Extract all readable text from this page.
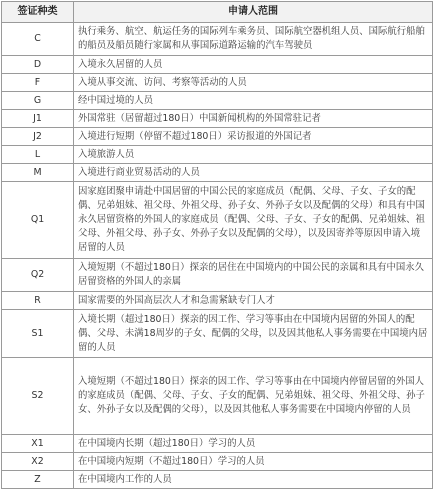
签证种类	申请人范围
C	执行乘务、航空、航运任务的国际列车乘务员、国际航空器机组人员、国际航行船舶的船员及船员随行家属和从事国际道路运输的汽车驾驶员
D	入境永久居留的人员
F	入境从事交流、访问、考察等活动的人员
G	经中国过境的人员
J1	外国常驻（居留超过180日）中国新闻机构的外国常驻记者
J2	入境进行短期（停留不超过180日）采访报道的外国记者
L	入境旅游人员
M	入境进行商业贸易活动的人员
Q1	因家庭团聚申请赴中国居留的中国公民的家庭成员（配偶、父母、子女、子女的配偶、兄弟姐妹、祖父母、外祖父母、孙子女、外孙子女以及配偶的父母）和具有中国永久居留资格的外国人的家庭成员（配偶、父母、子女、子女的配偶、兄弟姐妹、祖父母、外祖父母、孙子女、外孙子女以及配偶的父母），以及因寄养等原因申请入境居留的人员
Q2	入境短期（不超过180日）探亲的居住在中国境内的中国公民的亲属和具有中国永久居留资格的外国人的亲属
R	国家需要的外国高层次人才和急需紧缺专门人才
S1	入境长期（超过180日）探亲的因工作、学习等事由在中国境内居留的外国人的配偶、父母、未满18周岁的子女、配偶的父母，以及因其他私人事务需要在中国境内居留的人员
S2	入境短期（不超过180日）探亲的因工作、学习等事由在中国境内停留居留的外国人的家庭成员（配偶、父母、子女、子女的配偶、兄弟姐妹、祖父母、外祖父母、孙子女、外孙子女以及配偶的父母），以及因其他私人事务需要在中国境内停留的人员
X1	在中国境内长期（超过180日）学习的人员
X2	在中国境内短期（不超过180日）学习的人员
Z	在中国境内工作的人员
